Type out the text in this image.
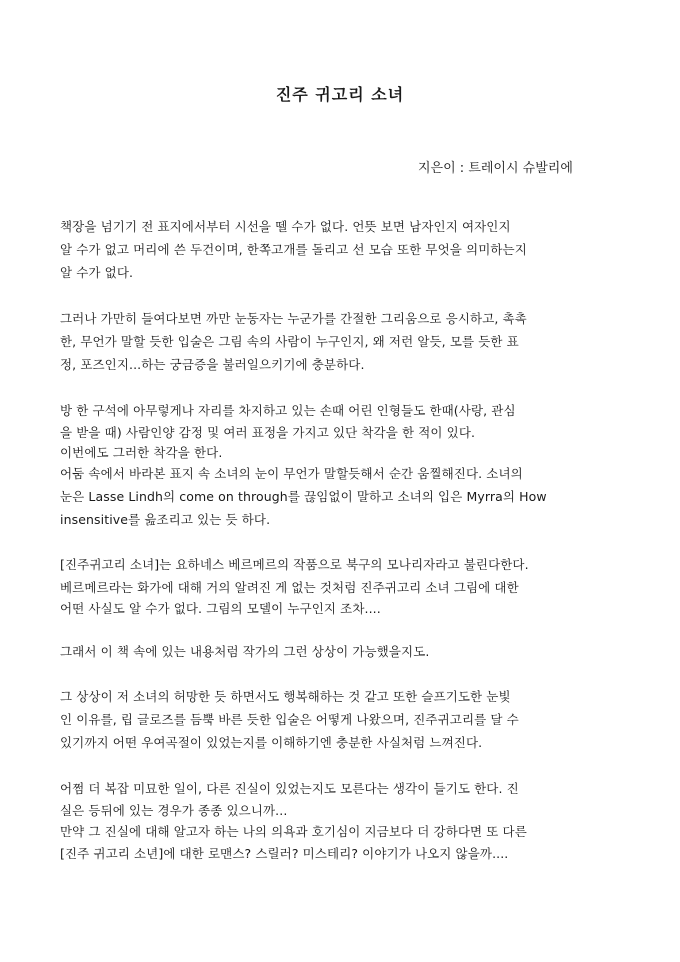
진주 귀고리 소녀
지은이 : 트레이시 슈발리에
책장을 넘기기 전 표지에서부터 시선을 뗄 수가 없다. 언뜻 보면 남자인지 여자인지
알 수가 없고 머리에 쓴 두건이며, 한쪽고개를 돌리고 선 모습 또한 무엇을 의미하는지
알 수가 없다.
그러나 가만히 들여다보면 까만 눈동자는 누군가를 간절한 그리움으로 응시하고, 촉촉
한, 무언가 말할 듯한 입술은 그림 속의 사람이 누구인지, 왜 저런 알듯, 모를 듯한 표
정, 포즈인지...하는 궁금증을 불러일으키기에 충분하다.
방 한 구석에 아무렇게나 자리를 차지하고 있는 손때 어린 인형들도 한때(사랑, 관심
을 받을 때) 사람인양 감정 및 여러 표정을 가지고 있단 착각을 한 적이 있다.
이번에도 그러한 착각을 한다.
어둠 속에서 바라본 표지 속 소녀의 눈이 무언가 말할듯해서 순간 움찔해진다. 소녀의
눈은 Lasse Lindh의 come on through를 끊임없이 말하고 소녀의 입은 Myrra의 How
insensitive를 읊조리고 있는 듯 하다.
[진주귀고리 소녀]는 요하네스 베르메르의 작품으로 북구의 모나리자라고 불린다한다.
베르메르라는 화가에 대해 거의 알려진 게 없는 것처럼 진주귀고리 소녀 그림에 대한
어떤 사실도 알 수가 없다. 그림의 모델이 누구인지 조차....
그래서 이 책 속에 있는 내용처럼 작가의 그런 상상이 가능했을지도.
그 상상이 저 소녀의 허망한 듯 하면서도 행복해하는 것 같고 또한 슬프기도한 눈빛
인 이유를, 립 글로즈를 듬뿍 바른 듯한 입술은 어떻게 나왔으며, 진주귀고리를 달 수
있기까지 어떤 우여곡절이 있었는지를 이해하기엔 충분한 사실처럼 느껴진다.
어쩜 더 복잡 미묘한 일이, 다른 진실이 있었는지도 모른다는 생각이 들기도 한다. 진
실은 등뒤에 있는 경우가 종종 있으니까...
만약 그 진실에 대해 알고자 하는 나의 의욕과 호기심이 지금보다 더 강하다면 또 다른
[진주 귀고리 소년]에 대한 로맨스? 스릴러? 미스테리? 이야기가 나오지 않을까....
